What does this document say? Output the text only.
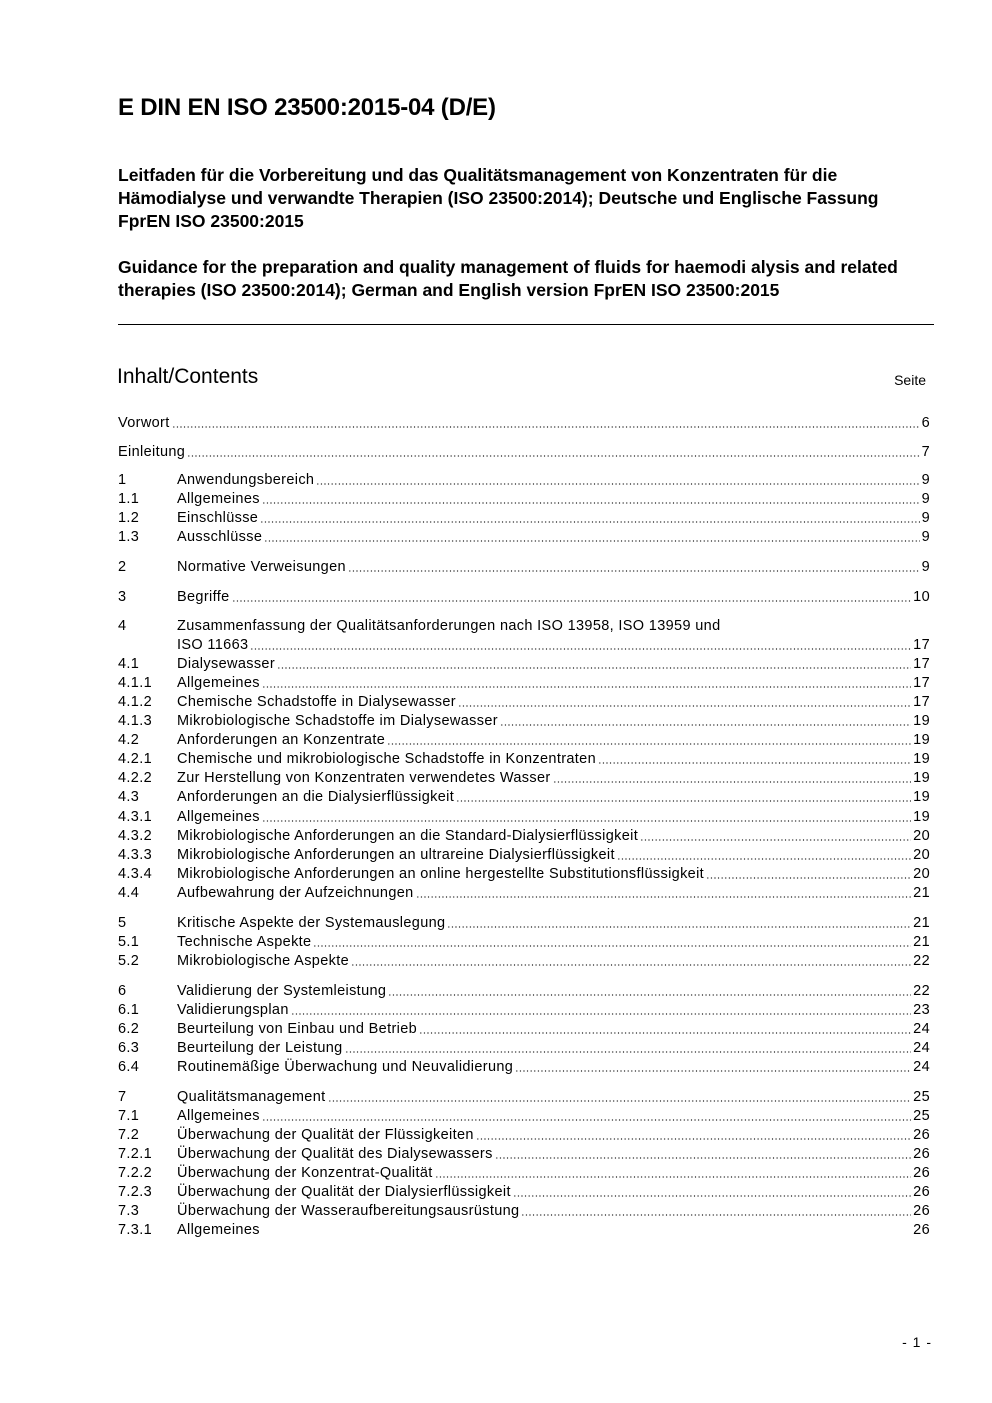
E DIN EN ISO 23500:2015-04 (D/E)

Leitfaden für die Vorbereitung und das Qualitätsmanagement von Konzentraten für die Hämodialyse und verwandte Therapien (ISO 23500:2014); Deutsche und Englische Fassung FprEN ISO 23500:2015

Guidance for the preparation and quality management of fluids for haemodi alysis and related therapies (ISO 23500:2014); German and English version FprEN ISO 23500:2015

Inhalt/Contents	Seite
Vorwort	6
Einleitung	7
1	Anwendungsbereich	9
1.1	Allgemeines	9
1.2	Einschlüsse	9
1.3	Ausschlüsse	9
2	Normative Verweisungen	9
3	Begriffe	10
4	Zusammenfassung der Qualitätsanforderungen nach ISO 13958, ISO 13959 und
ISO 11663	17
4.1	Dialysewasser	17
4.1.1	Allgemeines	17
4.1.2	Chemische Schadstoffe in Dialysewasser	17
4.1.3	Mikrobiologische Schadstoffe im Dialysewasser	19
4.2	Anforderungen an Konzentrate	19
4.2.1	Chemische und mikrobiologische Schadstoffe in Konzentraten	19
4.2.2	Zur Herstellung von Konzentraten verwendetes Wasser	19
4.3	Anforderungen an die Dialysierflüssigkeit	19
4.3.1	Allgemeines	19
4.3.2	Mikrobiologische Anforderungen an die Standard-Dialysierflüssigkeit	20
4.3.3	Mikrobiologische Anforderungen an ultrareine Dialysierflüssigkeit	20
4.3.4	Mikrobiologische Anforderungen an online hergestellte Substitutionsflüssigkeit	20
4.4	Aufbewahrung der Aufzeichnungen	21
5	Kritische Aspekte der Systemauslegung	21
5.1	Technische Aspekte	21
5.2	Mikrobiologische Aspekte	22
6	Validierung der Systemleistung	22
6.1	Validierungsplan	23
6.2	Beurteilung von Einbau und Betrieb	24
6.3	Beurteilung der Leistung	24
6.4	Routinemäßige Überwachung und Neuvalidierung	24
7	Qualitätsmanagement	25
7.1	Allgemeines	25
7.2	Überwachung der Qualität der Flüssigkeiten	26
7.2.1	Überwachung der Qualität des Dialysewassers	26
7.2.2	Überwachung der Konzentrat-Qualität	26
7.2.3	Überwachung der Qualität der Dialysierflüssigkeit	26
7.3	Überwachung der Wasseraufbereitungsausrüstung	26
7.3.1	Allgemeines	26
- 1 -
